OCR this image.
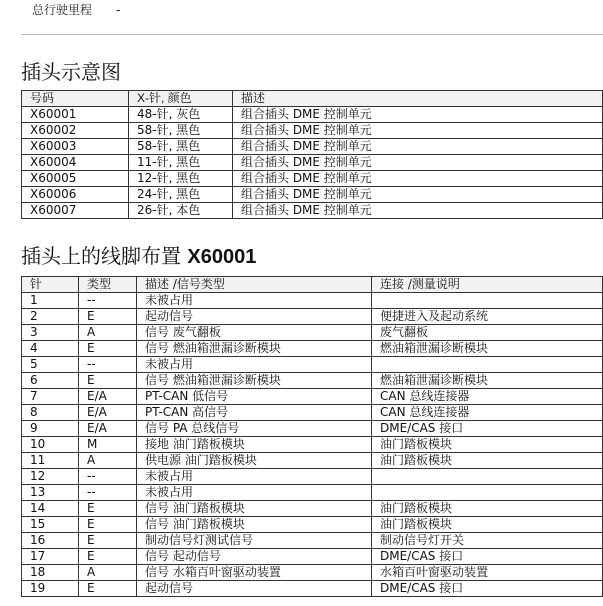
总行驶里程 -
插头示意图
号码	X-针, 颜色	描述
X60001	48-针, 灰色	组合插头 DME 控制单元
X60002	58-针, 黑色	组合插头 DME 控制单元
X60003	58-针, 黑色	组合插头 DME 控制单元
X60004	11-针, 黑色	组合插头 DME 控制单元
X60005	12-针, 黑色	组合插头 DME 控制单元
X60006	24-针, 黑色	组合插头 DME 控制单元
X60007	26-针, 本色	组合插头 DME 控制单元
插头上的线脚布置 X60001
针	类型	描述 /信号类型	连接 /测量说明
1	--	未被占用	
2	E	起动信号	便捷进入及起动系统
3	A	信号 废气翻板	废气翻板
4	E	信号 燃油箱泄漏诊断模块	燃油箱泄漏诊断模块
5	--	未被占用	
6	E	信号 燃油箱泄漏诊断模块	燃油箱泄漏诊断模块
7	E/A	PT-CAN 低信号	CAN 总线连接器
8	E/A	PT-CAN 高信号	CAN 总线连接器
9	E/A	信号 PA 总线信号	DME/CAS 接口
10	M	接地 油门踏板模块	油门踏板模块
11	A	供电源 油门踏板模块	油门踏板模块
12	--	未被占用	
13	--	未被占用	
14	E	信号 油门踏板模块	油门踏板模块
15	E	信号 油门踏板模块	油门踏板模块
16	E	制动信号灯测试信号	制动信号灯开关
17	E	信号 起动信号	DME/CAS 接口
18	A	信号 水箱百叶窗驱动装置	水箱百叶窗驱动装置
19	E	起动信号	DME/CAS 接口
